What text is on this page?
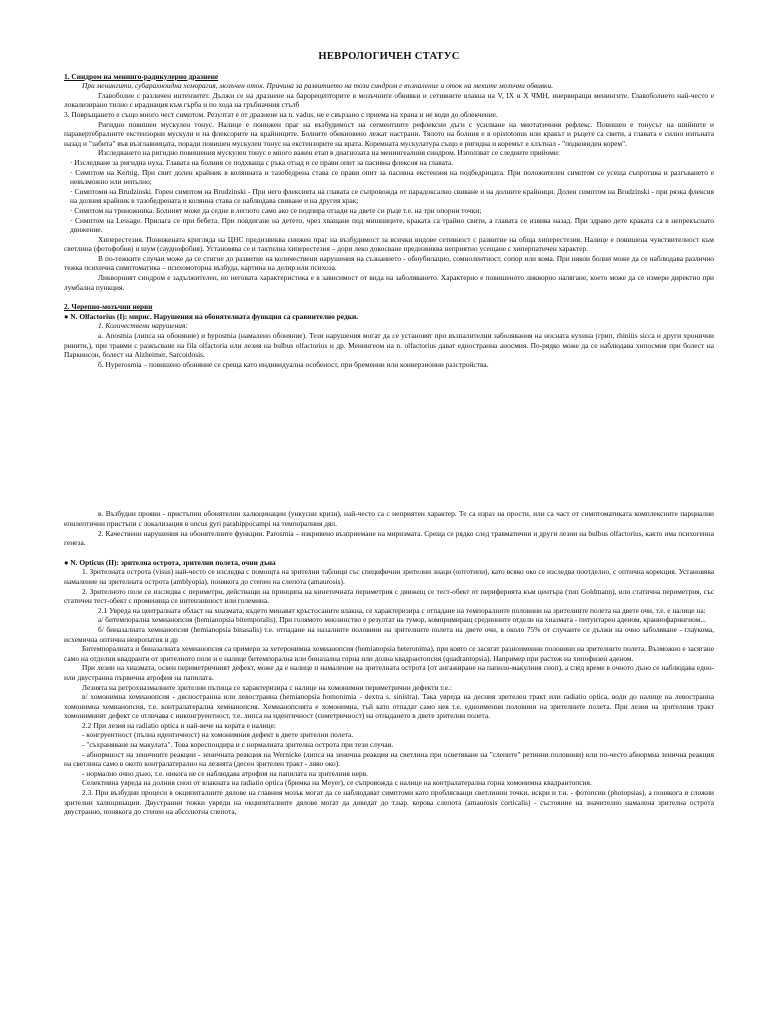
НЕВРОЛОГИЧЕН СТАТУС

1. Синдром на менинго-радикулерно дразнене

При менингити, субарахноидна хеморагия, мозъчен оток. Причина за развитието на този синдром е възпаление и оток на меките мозъчни обвивки.

Главоболие с различен интензитет. Дължи се на дразнене на барорецепторите в мозъчните обвивки и сетивните влакна на V, IX и X ЧМН, инервиращи менингите. Главоболието най-често е локализирано тилно с ирадиация към гърба и по хода на гръбначния стълб

3. Повръщането е също много чест симптом. Резултат е от дразнене на n. vadus, не е свързано с приема на храна и не води до облекчение.

Ригидно повишен мускулен тонус. Налице е понижен праг на възбудимост на сегментните рефлексни дъги с усилване на миотатичния рефлекс. Повишен е тонусът на шийните и паравертебралните екстензорни мускули и на флексорите на крайниците. Болните обикновено лежат настрани. Тялото на болния е в opistotonus или кракът и ръцете са свити, а главата е силно изпъната назад и "забита" във възглавницата, поради повишен мускулен тонус на екстензорите на врата. Коремната мускулатура също е ригидна и коремът е хлътнал - "подковиден корем".

Изследването на ригидно повишения мускулен тонус е много важен етап в диагнозата на менингеалния синдром. Използват се следните прийоми:

· Изследване за ригидна нуха. Главата на болния се подхваща с ръка отзад и се прави опит за пасивна флексия на главата.

· Симптом на Kernig. При свит долен крайник в колянната и тазобедрена става се прави опит за пасивна екстензия на подбедрицата. При положителен симптом се усеща съпротива и разгъването е невъзможно или непълно;

· Симптоми на Brudzinski. Горен симптом на Brudzinski - При него флексията на главата се съпровожда от парадоксално свиване и на долните крайници. Долен симптом на Brudzinski - при рязка флексия на долния крайник в тазобедрената и колянна става се наблюдава свиване и на другия крак;

· Симптом на триножника. Болният може да седне в леглото само ако се подпира отзади на двете си ръце т.е. на три опорни точки;

· Симптом на Lessage. Прилага се при бебета. При повдигане на детето, чрез хващане под мишниците, краката са трайно свити, а главата се извива назад. При здраво дете краката са в непрекъснато движение.

Хиперестезия. Понижената кригляда на ЦНС предизвиква снижен праг на възбудимост за всички видове сетивност с развитие на обща хиперестезия. Налице е повишена чувствителност към светлина (фотофобия) и шум (сауднофобия). Установява се и тактилна хиперестезия – дори леко докосване предизвиква неприятно усещане с хиперпатичен характер.

В по-тежките случаи може да се стигне до развитие на количествени нарушения на съзнанието - обнубилацио, сомнолентност, сопор или кома. При някои болни може да се наблюдава различно тежка психична симптоматика – психомоторна възбуда, картина на делир или психоза.

Ликворният синдром е задължителен, но неговата характеристика е в зависимост от вида на заболяването. Характерно е повишеното ликворно налягане, което може да се измери директно при лумбална пункция.

2. Черепно-мозъчни нерви

● N. Olfactorius (I): мирис. Нарушения на обонятелната функция са сравнително редки.

1. Количествени нарушения:

а. Anosmia (липса на обоняние) и hyposmia (намалено обоняние). Тези нарушения могат да се установят при възпалителни заболявания на носната кухина (грип, rhinitis sicca и други хронични ринити,), при травми с разкъсване на fila olfactoria или лезия на bulbus olfactorius и др. Менингеом на n. olfactorius дават едностранна аносмия. По-рядко може да се наблюдава хипосмия при болест на Паркинсон, болест на Alzheimer, Sarcoidosis.

б. Hyperosmia – повишено обоняние се среща като индивидуална особеност, при бременни или конверзионни разстройства.

в. Възбудни прояви - пристъпни обонятелни халюцинации (ункусни кризи), най-често са с неприятен характер. Те са израз на прости, или са част от симптоматиката комплексните парциални епилептични пристъпи с локализация в uncus gyri parahippocampi на темпоралния дял.

2. Качествени нарушения на обонятелните функции. Parosmia – изкривено възприемане на миризмата. Среща се рядко след травматични и други лезии на bulbus olfactorius, както има психогенна генеза.

● N. Opticus (II): зрителна острота, зрителни полета, очни дъна

1. Зрителната острота (visus) най-често се изследва с помощта на зрителни таблици със специфични зрителни знаци (оптотипи), като всяко око се изследва поотделно, с оптична корекция. Установява намаление на зрителната острота (amblyopia), понякога до степен на слепота (amaurosis).

2. Зрителното поле се изследва с периметри, действащи на принципа на кинетичната периметрия с движещ се тест-обект от периферията към центъра (тип Goldmann), или статична периметрия, със статичен тест-обект с променяща се интензивност или големина.

2.1 Увреда на централната област на хиазмата, където минават кръстосаните влакна, се характеризира с отпадане на темпоралните половини на зрителните полета на двете очи, т.е. е налице на:

а/ битемпорална хемианопсия (hemianopsia bitemporalis). При голямото мнозинство е резултат на тумор, компримиращ срединните отдели на хиазмата - питуитарен аденом, краниофарингиом...

б/ биназалната хемианопсия (hemianopsia binasalis) т.е. отпадане на назалните половини на зрителните полета на двете очи, в около 75% от случаите се дължи на очно заболяване - глаукома, исхемична оптична невропатия и др

Битемпоралната и биназалната хемианопсия са примери за хетеронимна хемианопсия (hemianopsia heteronima), при която се засягат разноименни половини на зрителните полета. Възможно е засягане само на отделни квадранти от зрителното поле и е налице битемпорална или биназална горна или долна квадрантопсия (quadrantopsia). Например при растеж на хипофизен аденом.

При лезии на хиазмата, освен периметричният дефект, може да е налице и намаление на зрителната острота (от ангажиране на папило-макулния сноп), а след време в очното дъно се наблюдава едно- или двустранна първична атрофия на папилата.

Лезията на ретрохиазмалните зрителни пътища се характеризира с налице на хомонимни периметрични дефекти т.е.:

в/ хомонимна хемианопсия - дясностранна или левостранна (hemianopsia homonimia - dextra s. sinistra). Така увреда на десния зрителен тракт или radiatio optica, води до налице на левостранна хомонимна хемианопсия, т.е. контралатерална хемианопсия. Хемианопсията е хомонимна, тъй като отпадат само нея т.е. едноименни половини на зрителните полета. При лезия на зрителния тракт хомонимният дефект се отличава с инконгруентност, т.е. липса на идентичност (симетричност) на отпадането в двете зрителни полета.

2.2 При лезия на radiatio optica и най-вече на кората е налице:

- конгруентност (пълна идентичност) на хомонимния дефект в двете зрителни полета.

- "съхраняване на макулата". Това кореспондира и с нормалната зрителна острота при тези случаи.

- абнормност на зеничните реакции - зеничната реакция на Wernicke (липса на зенична реакция на светлина при осветяване на "слепите" ретинни половини) или по-често абнормна зенична реакция на светлина само в окото контралатерално на лезията (десен зрителен тракт - ляво око).

- нормално очно дъно, т.е. никога не се наблюдава атрофия на папилата на зрителния нерв.

Селективна увреда на долния сноп от влакната на radiatio optica (бримка на Meyer), се съпровожда с налице на контралатерална горна хомонимна квадрантопсия.

2.3. При възбудни процеси в окципиталните дялове на главния мозък могат да се наблюдават симптоми като проблясващи светлинни точки, искри и т.н. - фотопсии (photopsias), а понякога и сложни зрителни халюцинации. Двустранни тежки увреди на окципиталните дялове могат да доведат до т.нар. корова слепота (amaurosis corticalis) - състояние на значително намалена зрителна острота двустранно, понякога до степен на абсолютна слепота,
